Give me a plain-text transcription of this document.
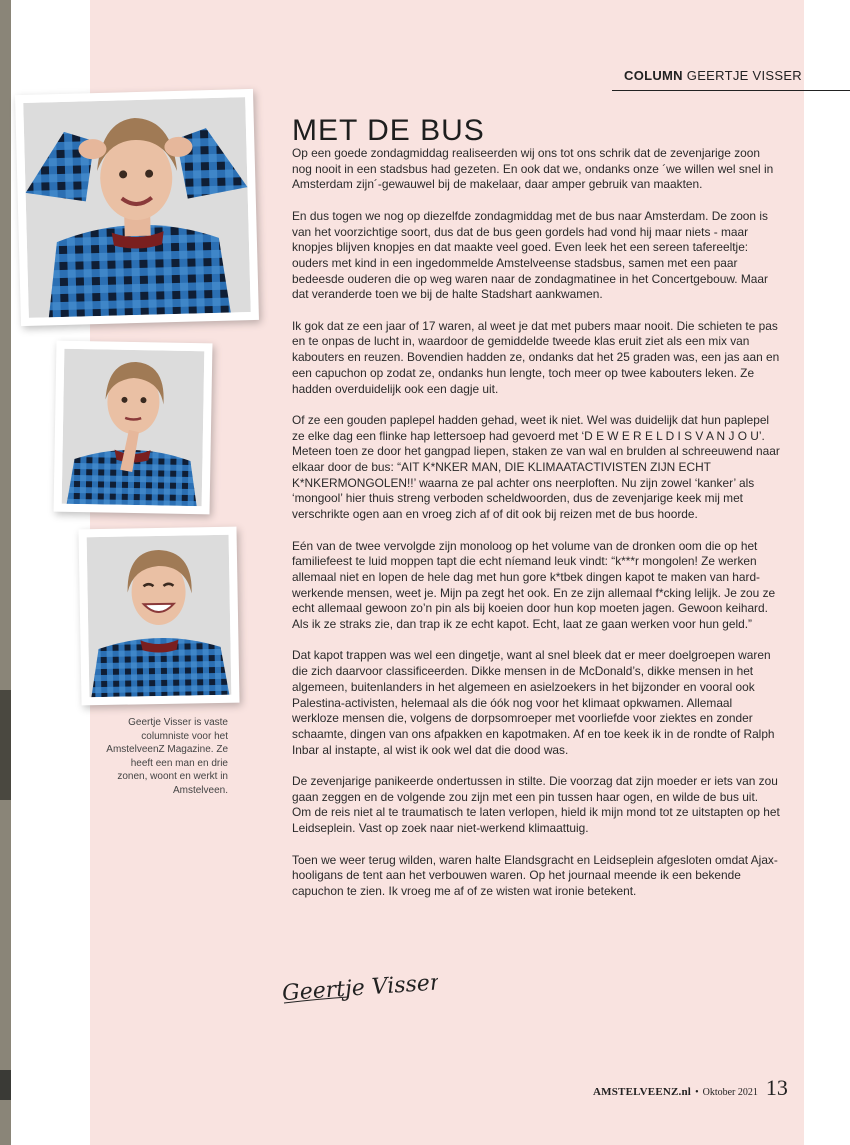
COLUMN GEERTJE VISSER
MET DE BUS

Op een goede zondagmiddag realiseerden wij ons tot ons schrik dat de zevenjarige zoon nog nooit in een stadsbus had gezeten. En ook dat we, ondanks onze ´we willen wel snel in Amsterdam zijn´-gewauwel bij de makelaar, daar amper gebruik van maakten.

En dus togen we nog op diezelfde zondagmiddag met de bus naar Amsterdam. De zoon is van het voorzichtige soort, dus dat de bus geen gordels had vond hij maar niets - maar knopjes blijven knopjes en dat maakte veel goed. Even leek het een sereen tafereeltje: ouders met kind in een ingedommelde Amstelveense stadsbus, samen met een paar bedeesde ouderen die op weg waren naar de zondagmatinee in het Concertgebouw. Maar dat veranderde toen we bij de halte Stadshart aankwamen.

Ik gok dat ze een jaar of 17 waren, al weet je dat met pubers maar nooit. Die schieten te pas en te onpas de lucht in, waardoor de gemiddelde tweede klas eruit ziet als een mix van kabouters en reuzen. Bovendien hadden ze, ondanks dat het 25 graden was, een jas aan en een capuchon op zodat ze, ondanks hun lengte, toch meer op twee kabouters leken. Ze hadden overduidelijk ook een dagje uit.

Of ze een gouden paplepel hadden gehad, weet ik niet. Wel was duidelijk dat hun paplepel ze elke dag een flinke hap lettersoep had gevoerd met ‘D E W E R E L D I S V A N J O U’. Meteen toen ze door het gangpad liepen, staken ze van wal en brulden al schreeuwend naar elkaar door de bus: “AIT K*NKER MAN, DIE KLIMAATACTIVISTEN ZIJN ECHT K*NKERMONGOLEN!!’ waarna ze pal achter ons neerploften. Nu zijn zowel ‘kanker’ als ‘mongool’ hier thuis streng verboden scheldwoorden, dus de zevenjarige keek mij met verschrikte ogen aan en vroeg zich af of dit ook bij reizen met de bus hoorde.

Eén van de twee vervolgde zijn monoloog op het volume van de dronken oom die op het familiefeest te luid moppen tapt die echt níemand leuk vindt: “k***r mongolen! Ze werken allemaal niet en lopen de hele dag met hun gore k*tbek dingen kapot te maken van hard-werkende mensen, weet je. Mijn pa zegt het ook. En ze zijn allemaal f*cking lelijk. Je zou ze echt allemaal gewoon zo’n pin als bij koeien door hun kop moeten jagen. Gewoon keihard. Als ik ze straks zie, dan trap ik ze echt kapot. Echt, laat ze gaan werken voor hun geld.”

Dat kapot trappen was wel een dingetje, want al snel bleek dat er meer doelgroepen waren die zich daarvoor classificeerden. Dikke mensen in de McDonald’s, dikke mensen in het algemeen, buitenlanders in het algemeen en asielzoekers in het bijzonder en vooral ook Palestina-activisten, helemaal als die óók nog voor het klimaat opkwamen. Allemaal werkloze mensen die, volgens de dorpsomroeper met voorliefde voor ziektes en zonder schaamte, dingen van ons afpakken en kapotmaken. Af en toe keek ik in de rondte of Ralph Inbar al instapte, al wist ik ook wel dat die dood was.

De zevenjarige panikeerde ondertussen in stilte. Die voorzag dat zijn moeder er iets van zou gaan zeggen en de volgende zou zijn met een pin tussen haar ogen, en wilde de bus uit. Om de reis niet al te traumatisch te laten verlopen, hield ik mijn mond tot ze uitstapten op het Leidseplein. Vast op zoek naar niet-werkend klimaattuig.

Toen we weer terug wilden, waren halte Elandsgracht en Leidseplein afgesloten omdat Ajax-hooligans de tent aan het verbouwen waren. Op het journaal meende ik een bekende capuchon te zien. Ik vroeg me af of ze wisten wat ironie betekent.

Geertje Visser is vaste columniste voor het AmstelveenZ Magazine. Ze heeft een man en drie zonen, woont en werkt in Amstelveen.
Geertje Visser
AMSTELVEENZ.nl • Oktober 2021 13
